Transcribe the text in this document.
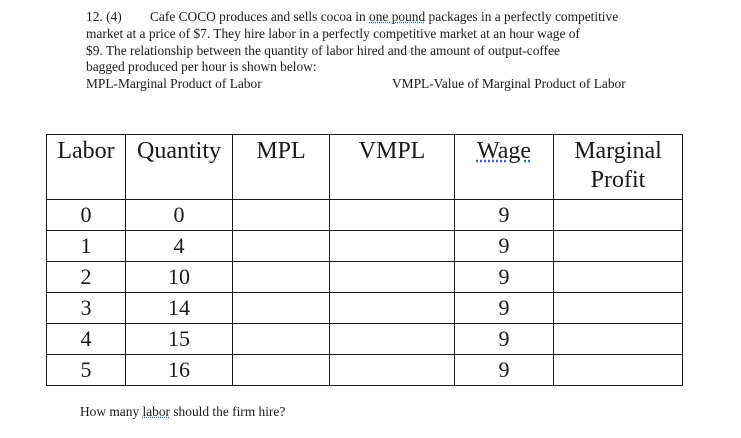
12. (4) Cafe COCO produces and sells cocoa in one pound packages in a perfectly competitive

market at a price of $7. They hire labor in a perfectly competitive market at an hour wage of

$9. The relationship between the quantity of labor hired and the amount of output-coffee

bagged produced per hour is shown below:

MPL-Marginal Product of Labor	VMPL-Value of Marginal Product of Labor
Labor	Quantity	MPL	VMPL	Wage	Marginal
Profit
0	0			9	
1	4			9	
2	10			9	
3	14			9	
4	15			9	
5	16			9	
How many labor should the firm hire?
